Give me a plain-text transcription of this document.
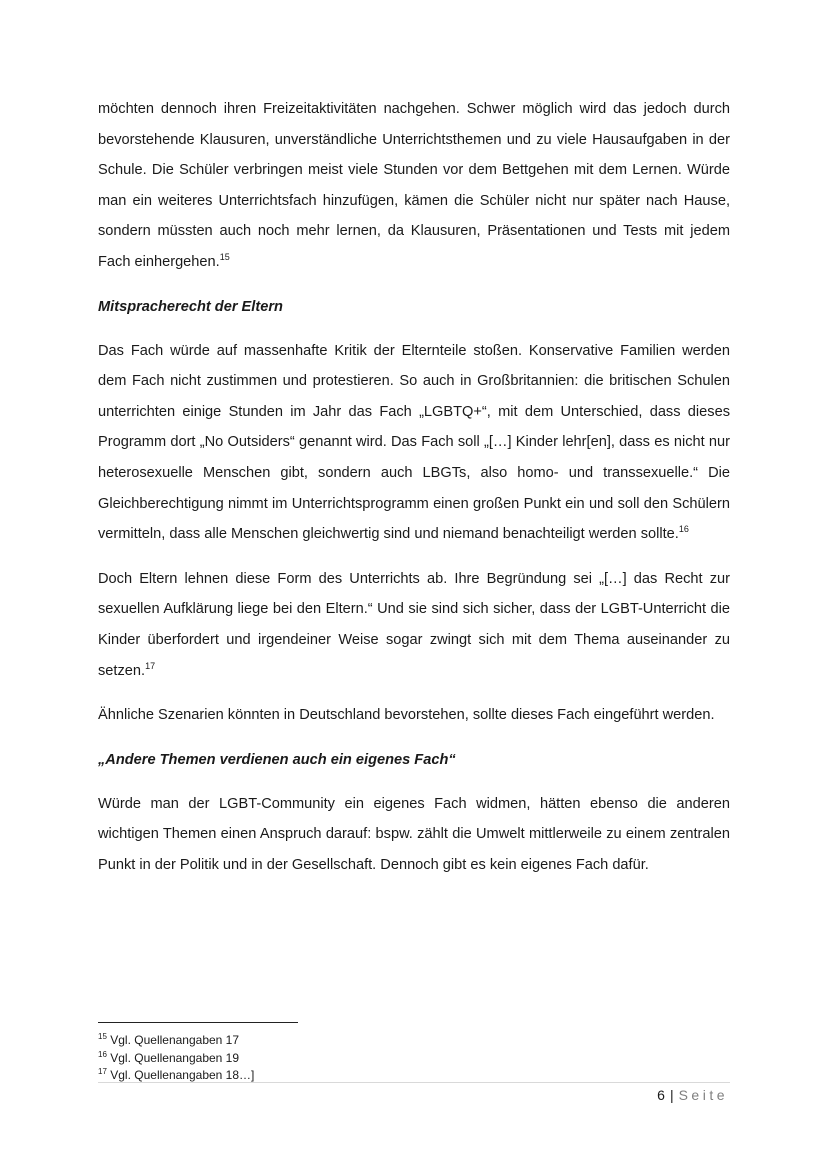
möchten dennoch ihren Freizeitaktivitäten nachgehen. Schwer möglich wird das jedoch durch bevorstehende Klausuren, unverständliche Unterrichtsthemen und zu viele Hausaufgaben in der Schule. Die Schüler verbringen meist viele Stunden vor dem Bettgehen mit dem Lernen. Würde man ein weiteres Unterrichtsfach hinzufügen, kämen die Schüler nicht nur später nach Hause, sondern müssten auch noch mehr lernen, da Klausuren, Präsentationen und Tests mit jedem Fach einhergehen.$^{15}$

Mitspracherecht der Eltern

Das Fach würde auf massenhafte Kritik der Elternteile stoßen. Konservative Familien werden dem Fach nicht zustimmen und protestieren. So auch in Großbritannien: die britischen Schulen unterrichten einige Stunden im Jahr das Fach „LGBTQ+“, mit dem Unterschied, dass dieses Programm dort „No Outsiders“ genannt wird. Das Fach soll „[…] Kinder lehr[en], dass es nicht nur heterosexuelle Menschen gibt, sondern auch LBGTs, also homo- und transsexuelle.“ Die Gleichberechtigung nimmt im Unterrichtsprogramm einen großen Punkt ein und soll den Schülern vermitteln, dass alle Menschen gleichwertig sind und niemand benachteiligt werden sollte.$^{16}$

Doch Eltern lehnen diese Form des Unterrichts ab. Ihre Begründung sei „[…] das Recht zur sexuellen Aufklärung liege bei den Eltern.“ Und sie sind sich sicher, dass der LGBT-Unterricht die Kinder überfordert und irgendeiner Weise sogar zwingt sich mit dem Thema auseinander zu setzen.$^{17}$

Ähnliche Szenarien könnten in Deutschland bevorstehen, sollte dieses Fach eingeführt werden.

„Andere Themen verdienen auch ein eigenes Fach“

Würde man der LGBT-Community ein eigenes Fach widmen, hätten ebenso die anderen wichtigen Themen einen Anspruch darauf: bspw. zählt die Umwelt mittlerweile zu einem zentralen Punkt in der Politik und in der Gesellschaft. Dennoch gibt es kein eigenes Fach dafür.

$^{15}$ Vgl. Quellenangaben 17
$^{16}$ Vgl. Quellenangaben 19
$^{17}$ Vgl. Quellenangaben 18…]
6 | Seite
